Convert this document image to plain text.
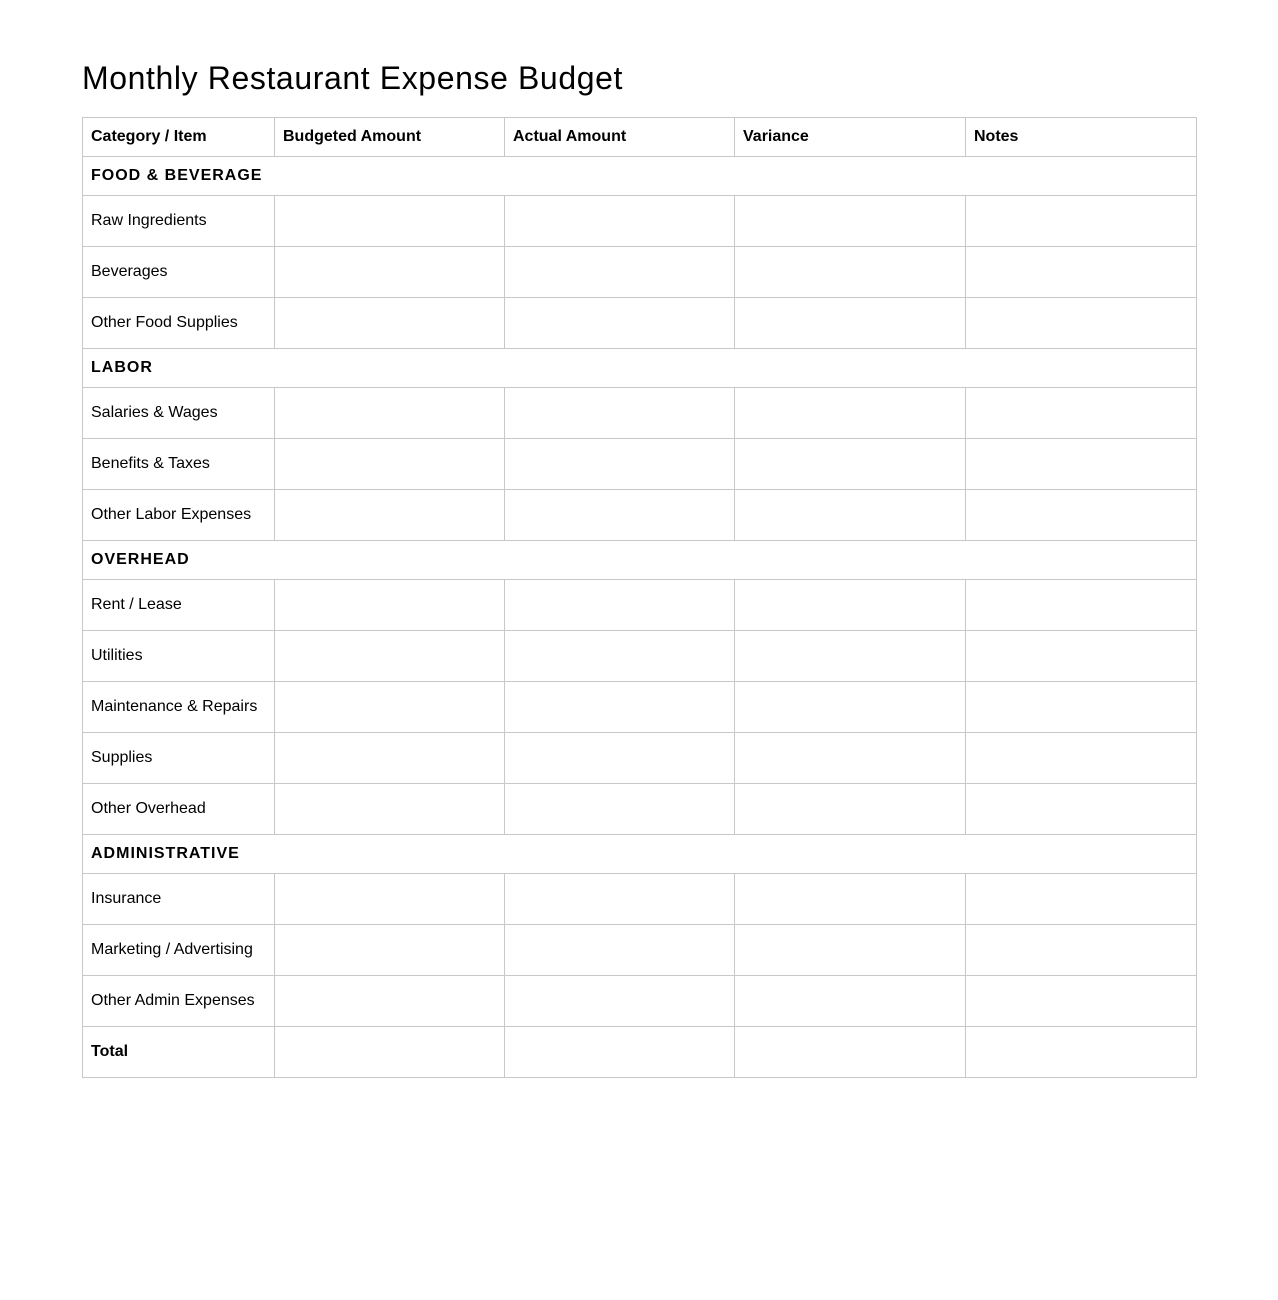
Monthly Restaurant Expense Budget
Category / Item	Budgeted Amount	Actual Amount	Variance	Notes
FOOD & BEVERAGE				
Raw Ingredients				
Beverages				
Other Food Supplies				
LABOR				
Salaries & Wages				
Benefits & Taxes				
Other Labor Expenses				
OVERHEAD				
Rent / Lease				
Utilities				
Maintenance & Repairs				
Supplies				
Other Overhead				
ADMINISTRATIVE				
Insurance				
Marketing / Advertising				
Other Admin Expenses				
Total				
